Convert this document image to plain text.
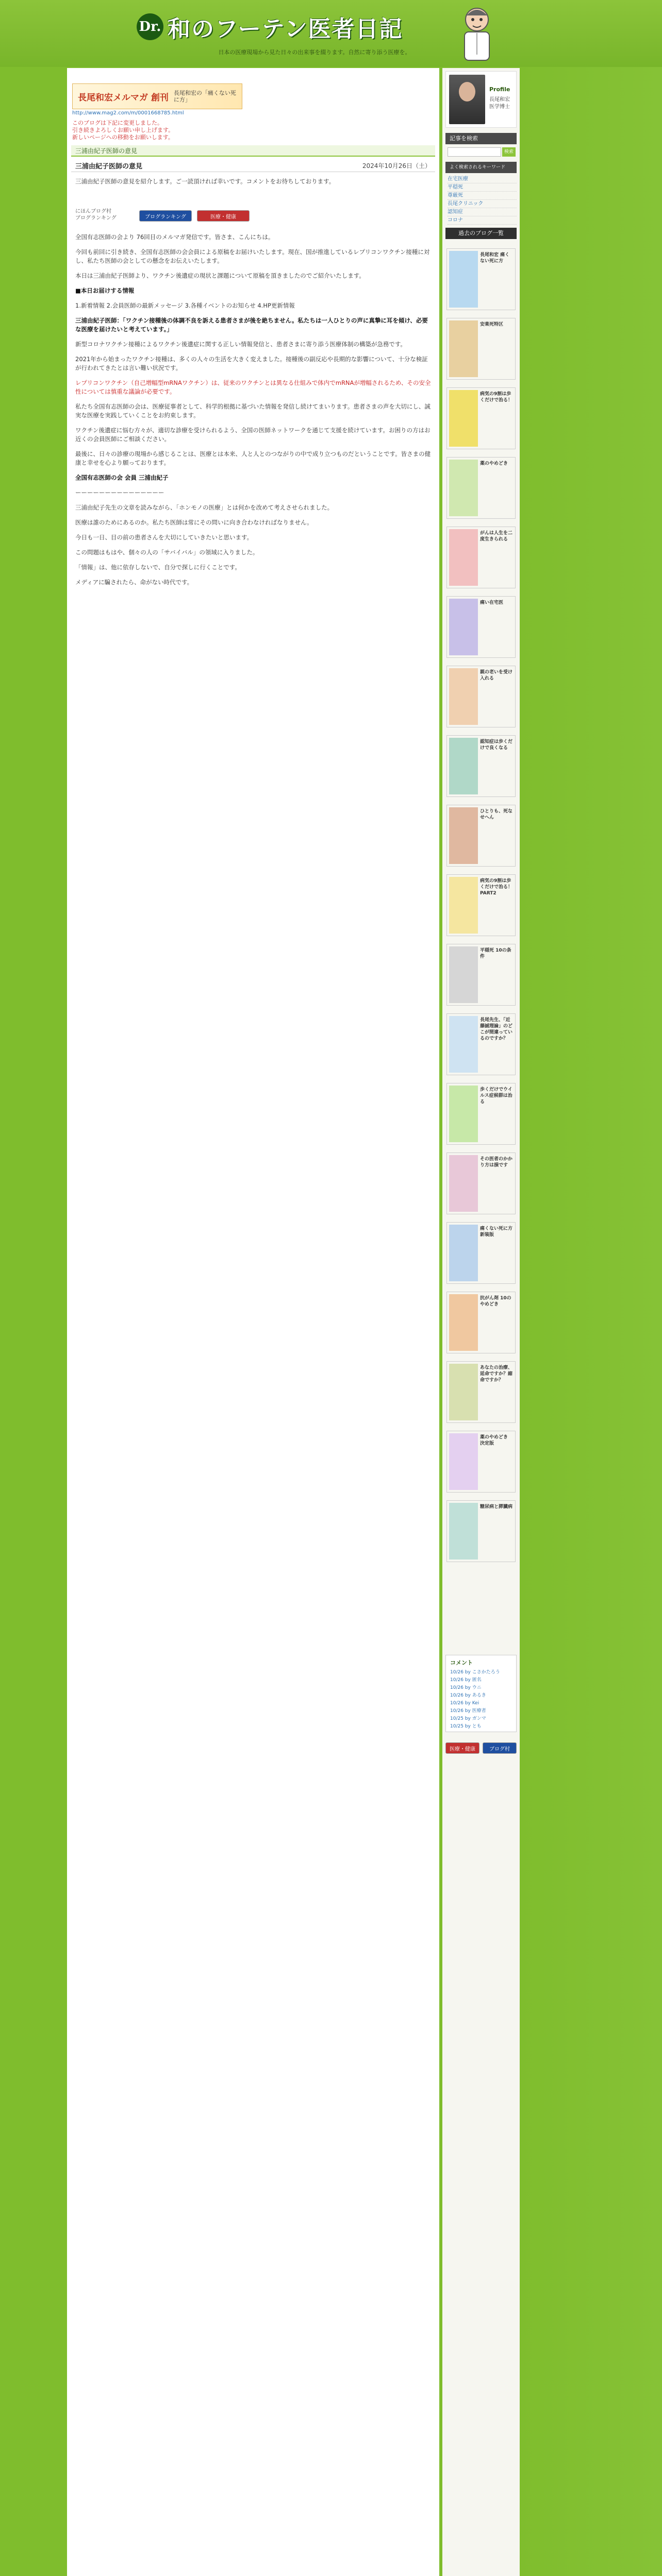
Dr. 和のフーテン医者日記
日本の医療現場から見た日々の出来事を綴ります。自然に寄り添う医療を。
長尾和宏メルマガ 創刊 長尾和宏の「痛くない死に方」
http://www.mag2.com/m/0001668785.html
このブログは下記に変更しました。
引き続きよろしくお願い申し上げます。
新しいページへの移動をお願いします。
三浦由紀子医師の意見
三浦由紀子医師の意見	2024年10月26日（土）
三浦由紀子医師の意見を紹介します。ご一読頂ければ幸いです。コメントをお待ちしております。
にほんブログ村
ブログランキング	ブログランキング	医療・健康

全国有志医師の会より 76回目のメルマガ発信です。皆さま、こんにちは。

今回も前回に引き続き、全国有志医師の会会員による原稿をお届けいたします。現在、国が推進しているレプリコンワクチン接種に対し、私たち医師の会としての懸念をお伝えいたします。

本日は三浦由紀子医師より、ワクチン後遺症の現状と課題について原稿を頂きましたのでご紹介いたします。

■本日お届けする情報

1.新着情報 2.会員医師の最新メッセージ 3.各種イベントのお知らせ 4.HP更新情報

三浦由紀子医師：「ワクチン接種後の体調不良を訴える患者さまが後を絶ちません。私たちは一人ひとりの声に真摯に耳を傾け、必要な医療を届けたいと考えています。」

新型コロナワクチン接種によるワクチン後遺症に関する正しい情報発信と、患者さまに寄り添う医療体制の構築が急務です。

2021年から始まったワクチン接種は、多くの人々の生活を大きく変えました。接種後の副反応や長期的な影響について、十分な検証が行われてきたとは言い難い状況です。

レプリコンワクチン（自己増幅型mRNAワクチン）は、従来のワクチンとは異なる仕組みで体内でmRNAが増幅されるため、その安全性については慎重な議論が必要です。

私たち全国有志医師の会は、医療従事者として、科学的根拠に基づいた情報を発信し続けてまいります。患者さまの声を大切にし、誠実な医療を実践していくことをお約束します。

ワクチン後遺症に悩む方々が、適切な診療を受けられるよう、全国の医師ネットワークを通じて支援を続けています。お困りの方はお近くの会員医師にご相談ください。

最後に、日々の診療の現場から感じることは、医療とは本来、人と人とのつながりの中で成り立つものだということです。皆さまの健康と幸せを心より願っております。

全国有志医師の会 会員 三浦由紀子

ーーーーーーーーーーーーーーー

三浦由紀子先生の文章を読みながら、「ホンモノの医療」とは何かを改めて考えさせられました。

医療は誰のためにあるのか。私たち医師は常にその問いに向き合わなければなりません。

今日も一日、目の前の患者さんを大切にしていきたいと思います。

この問題はもはや、個々の人の「サバイバル」の領域に入りました。

「情報」は、他に依存しないで、自分で探しに行くことです。

メディアに騙されたら、命がない時代です。

Profile
長尾和宏
医学博士
記事を検索
検索
よく検索されるキーワード
在宅医療
平穏死
尊厳死
長尾クリニック
認知症
コロナ
過去のブログ一覧
長尾和宏 痛くない死に方
安楽死特区
病気の9割は歩くだけで治る！
薬のやめどき
がんは人生を二度生きられる
痛い在宅医
親の老いを受け入れる
認知症は歩くだけで良くなる
ひとりも、死なせへん
病気の9割は歩くだけで治る！ PART2
平穏死 10の条件
長尾先生、「近藤誠理論」のどこが間違っているのですか？
歩くだけでウイルス症候群は治る
その医者のかかり方は損です
痛くない死に方 新装版
抗がん剤 10のやめどき
あなたの治療、延命ですか？縮命ですか？
薬のやめどき 決定版
糖尿病と膵臓病
コメント
10/26 by こさかたろう
10/26 by 匿名
10/26 by ウニ
10/26 by あるき
10/26 by Kei
10/26 by 医療者
10/25 by ガンマ
10/25 by とも
医療・健康	ブログ村
